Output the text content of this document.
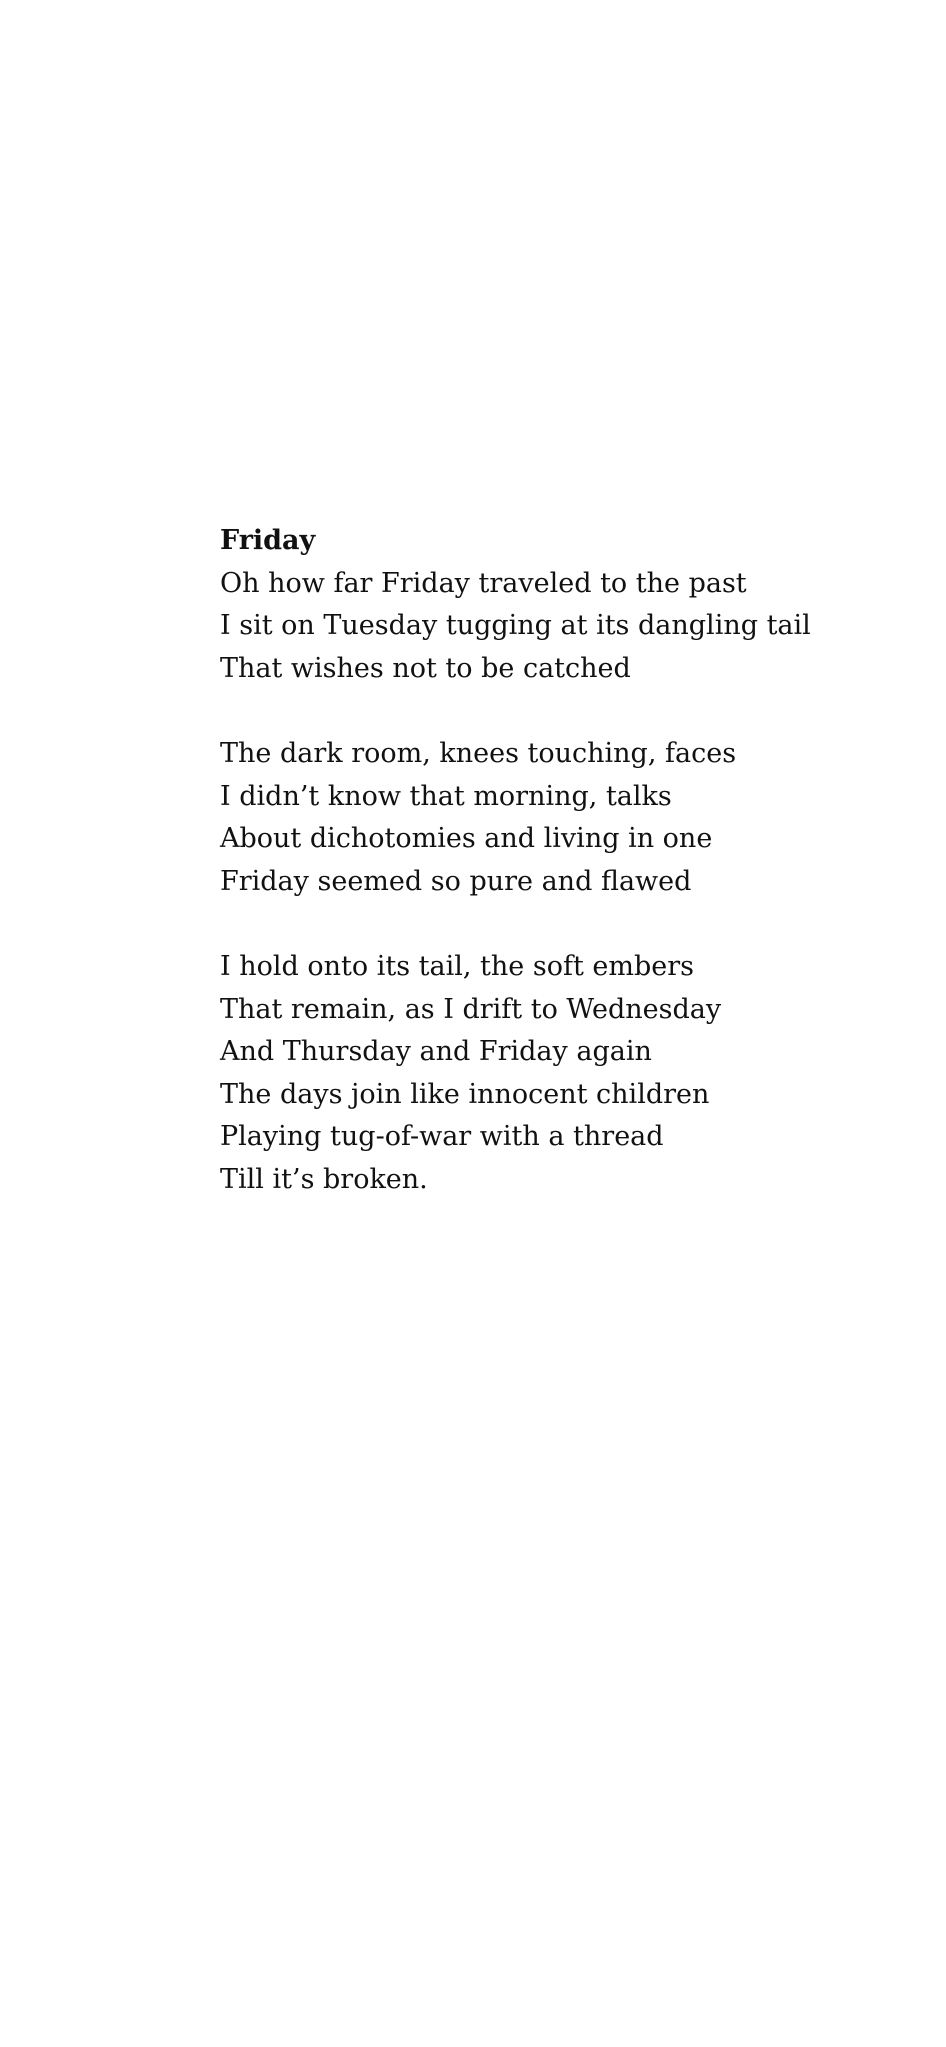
Friday
Oh how far Friday traveled to the past
I sit on Tuesday tugging at its dangling tail
That wishes not to be catched
The dark room, knees touching, faces
I didn’t know that morning, talks
About dichotomies and living in one
Friday seemed so pure and flawed
I hold onto its tail, the soft embers
That remain, as I drift to Wednesday
And Thursday and Friday again
The days join like innocent children
Playing tug-of-war with a thread
Till it’s broken.
